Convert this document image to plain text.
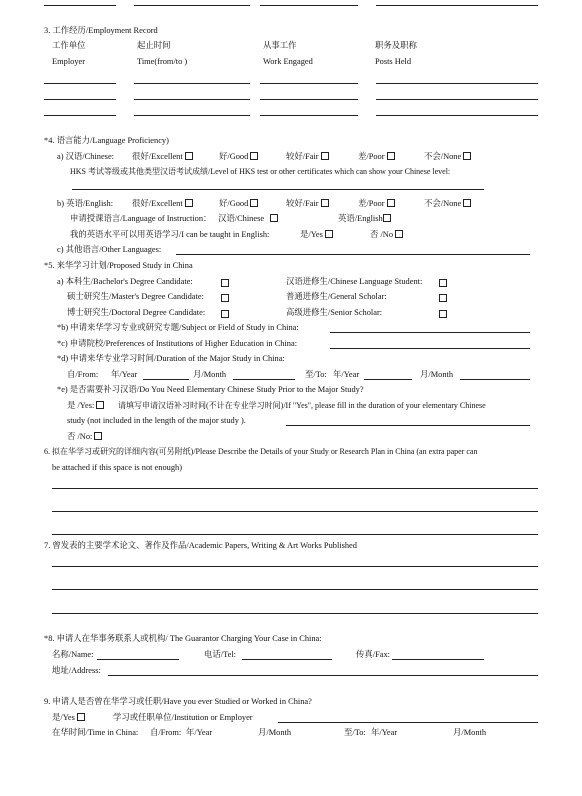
3. 工作经历/Employment Record
工作单位	起止时间	从事工作	职务及职称
Employer	Time(from/to )	Work Engaged	Posts Held
*4. 语言能力/Language Proficiency)
a) 汉语/Chinese: 很好/Excellent	好/Good	较好/Fair	差/Poor	不会/None
HKS 考试等级或其他类型汉语考试成绩/Level of HKS test or other certificates which can show your Chinese level:
b) 英语/English: 很好/Excellent	好/Good	较好/Fair	差/Poor	不会/None
申请授课语言/Language of Instruction： 汉语/Chinese	英语/English
我的英语水平可以用英语学习/I can be taught in English:	是/Yes	否 /No
c) 其他语言/Other Languages:
*5. 来华学习计划/Proposed Study in China
a) 本科生/Bachelor's Degree Candidate:	汉语进修生/Chinese Language Student:
硕士研究生/Master's Degree Candidate:	普通进修生/General Scholar:
博士研究生/Doctoral Degree Candidate:	高级进修生/Senior Scholar:
*b) 申请来华学习专业或研究专题/Subject or Field of Study in China:
*c) 申请院校/Preferences of Institutions of Higher Education in China:
*d) 申请来华专业学习时间/Duration of the Major Study in China:
自/From: 年/Year	月/Month	至/To: 年/Year	月/Month
*e) 是否需要补习汉语/Do You Need Elementary Chinese Study Prior to the Major Study?
是 /Yes:	请填写申请汉语补习时间(不计在专业学习时间)/If "Yes", please fill in the duration of your elementary Chinese
study (not included in the length of the major study ).
否 /No:
6. 拟在华学习或研究的详细内容(可另附纸)/Please Describe the Details of your Study or Research Plan in China (an extra paper can
be attached if this space is not enough)
7. 曾发表的主要学术论文、著作及作品/Academic Papers, Writing & Art Works Published
*8. 申请人在华事务联系人或机构/ The Guarantor Charging Your Case in China:
名称/Name:	电话/Tel:	传真/Fax:
地址/Address:
9. 申请人是否曾在华学习或任职/Have you ever Studied or Worked in China?
是/Yes	学习或任职单位/Institution or Employer
在华时间/Time in China: 自/From: 年/Year	月/Month	至/To: 年/Year	月/Month
